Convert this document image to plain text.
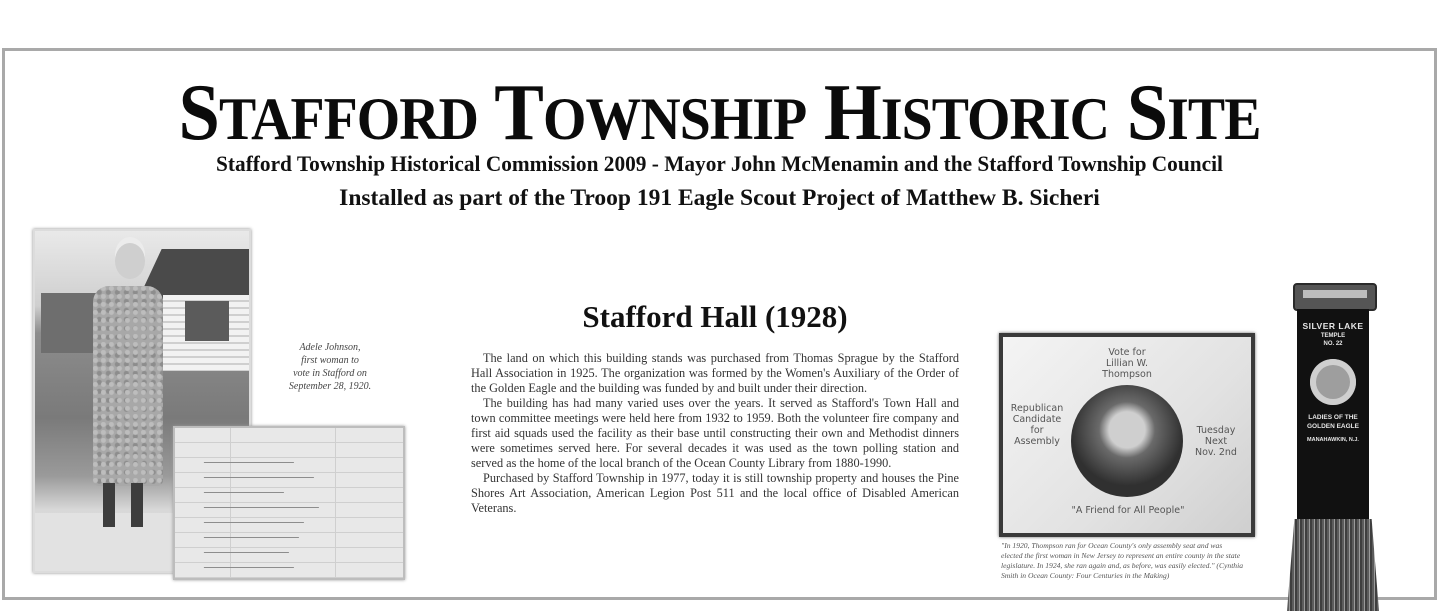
STAFFORD TOWNSHIP HISTORIC SITE
Stafford Township Historical Commission 2009 - Mayor John McMenamin and the Stafford Township Council
Installed as part of the Troop 191 Eagle Scout Project of Matthew B. Sicheri
Adele Johnson,
first woman to
vote in Stafford on
September 28, 1920.
Stafford Hall (1928)

The land on which this building stands was purchased from Thomas Sprague by the Stafford Hall Association in 1925. The organization was formed by the Women's Auxiliary of the Order of the Golden Eagle and the building was funded by and built under their direction.

The building has had many varied uses over the years. It served as Stafford's Town Hall and town committee meetings were held here from 1932 to 1959. Both the volunteer fire company and first aid squads used the facility as their base until constructing their own and Methodist dinners were sometimes served here. For several decades it was used as the town polling station and served as the home of the local branch of the Ocean County Library from 1880-1990.

Purchased by Stafford Township in 1977, today it is still township property and houses the Pine Shores Art Association, American Legion Post 511 and the local office of Disabled American Veterans.

Vote for
Lillian W. Thompson
Republican
Candidate
for
Assembly
Tuesday
Next
Nov. 2nd
"A Friend for All People"
"In 1920, Thompson ran for Ocean County's only assembly seat and was elected the first woman in New Jersey to represent an entire county in the state legislature. In 1924, she ran again and, as before, was easily elected." (Cynthia Smith in Ocean County: Four Centuries in the Making)
SILVER LAKE
TEMPLE
NO. 22
LADIES OF THE
GOLDEN EAGLE
MANAHAWKIN, N.J.
